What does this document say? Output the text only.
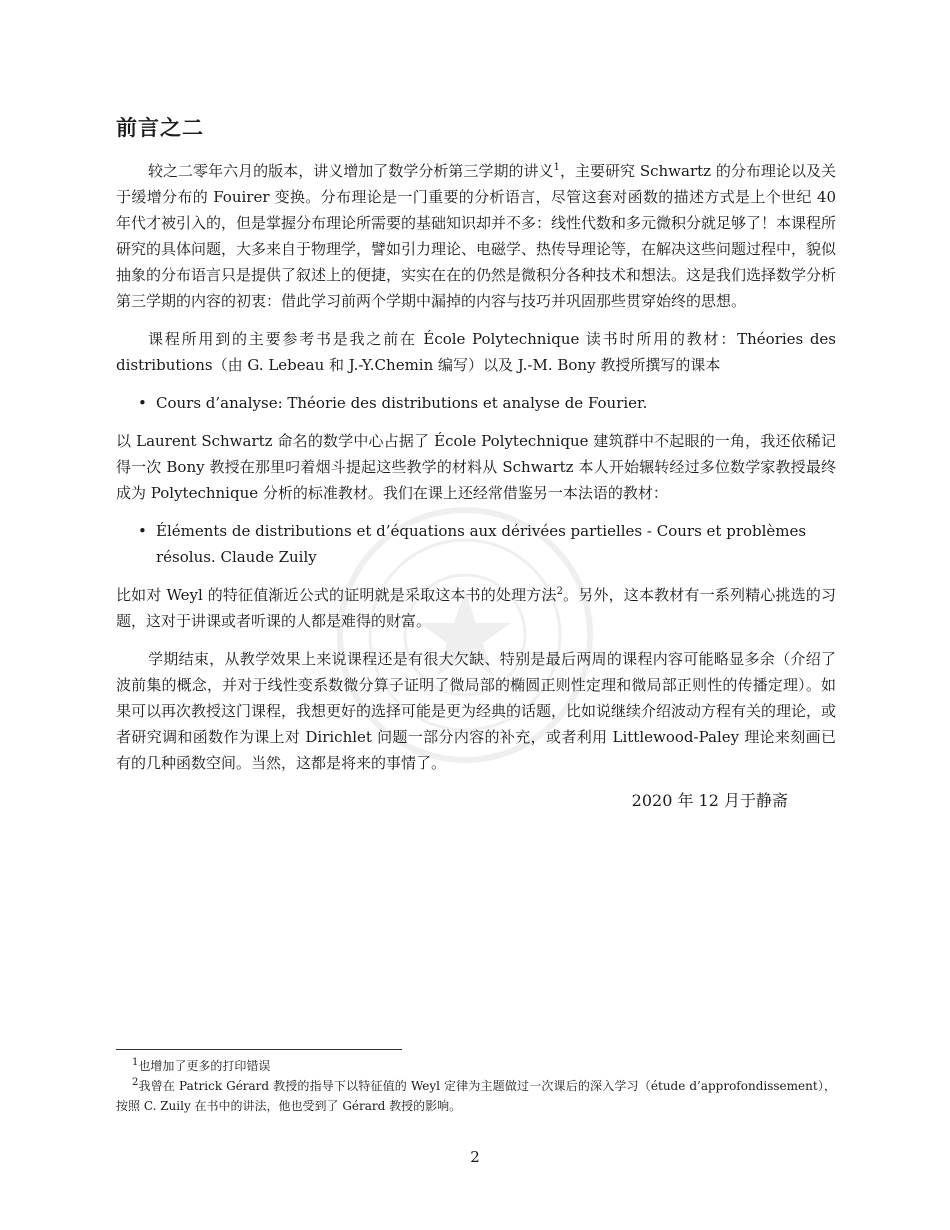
前言之二

较之二零年六月的版本，讲义增加了数学分析第三学期的讲义$^1$，主要研究 Schwartz 的分布理论以及关于缓增分布的 Fouirer 变换。分布理论是一门重要的分析语言，尽管这套对函数的描述方式是上个世纪 40 年代才被引入的，但是掌握分布理论所需要的基础知识却并不多：线性代数和多元微积分就足够了！本课程所研究的具体问题，大多来自于物理学，譬如引力理论、电磁学、热传导理论等，在解决这些问题过程中，貌似抽象的分布语言只是提供了叙述上的便捷，实实在在的仍然是微积分各种技术和想法。这是我们选择数学分析第三学期的内容的初衷：借此学习前两个学期中漏掉的内容与技巧并巩固那些贯穿始终的思想。

课程所用到的主要参考书是我之前在 École Polytechnique 读书时所用的教材：Théories des distributions（由 G. Lebeau 和 J.-Y.Chemin 编写）以及 J.-M. Bony 教授所撰写的课本

• Cours d’analyse: Théorie des distributions et analyse de Fourier.

以 Laurent Schwartz 命名的数学中心占据了 École Polytechnique 建筑群中不起眼的一角，我还依稀记得一次 Bony 教授在那里叼着烟斗提起这些教学的材料从 Schwartz 本人开始辗转经过多位数学家教授最终成为 Polytechnique 分析的标准教材。我们在课上还经常借鉴另一本法语的教材：

• Éléments de distributions et d’équations aux dérivées partielles - Cours et problèmes résolus. Claude Zuily

比如对 Weyl 的特征值渐近公式的证明就是采取这本书的处理方法$^2$。另外，这本教材有一系列精心挑选的习题，这对于讲课或者听课的人都是难得的财富。

学期结束，从教学效果上来说课程还是有很大欠缺、特别是最后两周的课程内容可能略显多余（介绍了波前集的概念，并对于线性变系数微分算子证明了微局部的椭圆正则性定理和微局部正则性的传播定理）。如果可以再次教授这门课程，我想更好的选择可能是更为经典的话题，比如说继续介绍波动方程有关的理论，或者研究调和函数作为课上对 Dirichlet 问题一部分内容的补充，或者利用 Littlewood-Paley 理论来刻画已有的几种函数空间。当然，这都是将来的事情了。

2020 年 12 月于静斋
$^1$也增加了更多的打印错误
$^2$我曾在 Patrick Gérard 教授的指导下以特征值的 Weyl 定律为主题做过一次课后的深入学习（étude d’approfondissement），按照 C. Zuily 在书中的讲法，他也受到了 Gérard 教授的影响。
2
